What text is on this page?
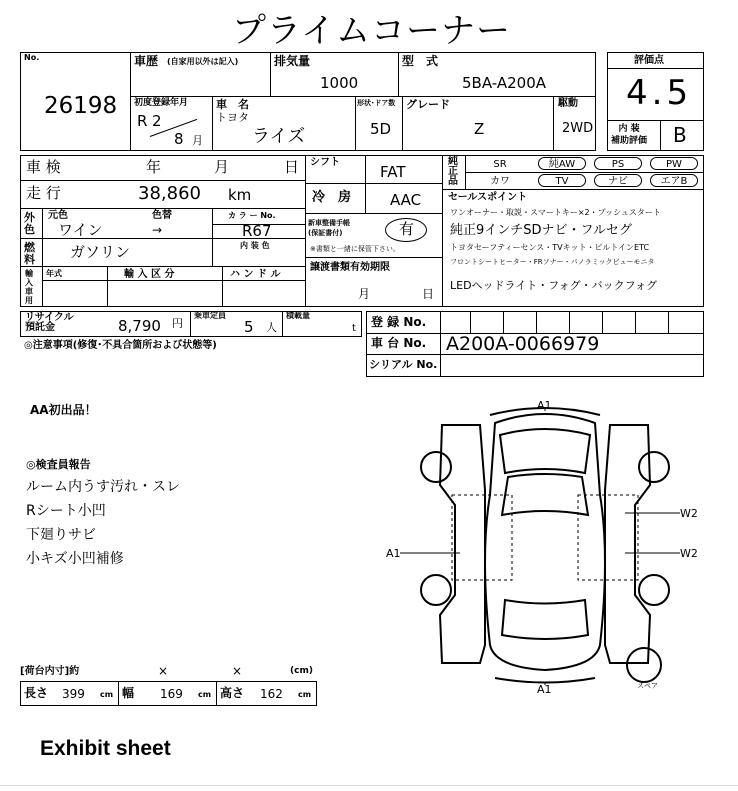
プライムコーナー
No.
26198
車歴 (自家用以外は記入)	排気量
1000
型　式
5BA-A200A
初度登録年月
R 2
8 月
車　名
トヨタ
ライズ
形状･ドア数
5D
グレード
Z
駆動
2WD
評価点
4.5
内 装
補助評価 B
車 検	年	月	日
走 行	38,860 km
外色
元色	色替
ワイン	→
カ ラ ー No.
R67
内 装 色
燃料 ガソリン
輸入車用
年式	輸 入 区 分	ハ ン ド ル
シフト
FAT
冷　房	AAC
新車整備手帳
(保証書付)	有
※書類と一緒に保管下さい。
譲渡書類有効期限
月	日
純正品
SR	純AW	PS	PW
カワ	TV	ナビ	エアB
セールスポイント
ワンオーナー・取説・スマートキー×2・プッシュスタート
純正9インチSDナビ・フルセグ
トヨタセーフティーセンス・TVキット・ビルトインETC
フロントシートヒーター・FRソナー・パノラミックビューモニタ
LEDヘッドライト・フォグ・バックフォグ
リサイクル
預託金	8,790 円
乗車定員
5 人
積載量
t
◎注意事項(修復･不具合箇所および状態等)
登 録 No.
車 台 No. A200A-0066979
シリアル No.
AA初出品！
◎検査員報告
ルーム内うす汚れ・スレ
Rシート小凹
下廻りサビ
小キズ小凹補修
A1
A1
A1
W2
W2
スペア
[荷台内寸]約	×	×	(cm)
長さ 399 cm 幅 169 cm 高さ 162 cm
Exhibit sheet
